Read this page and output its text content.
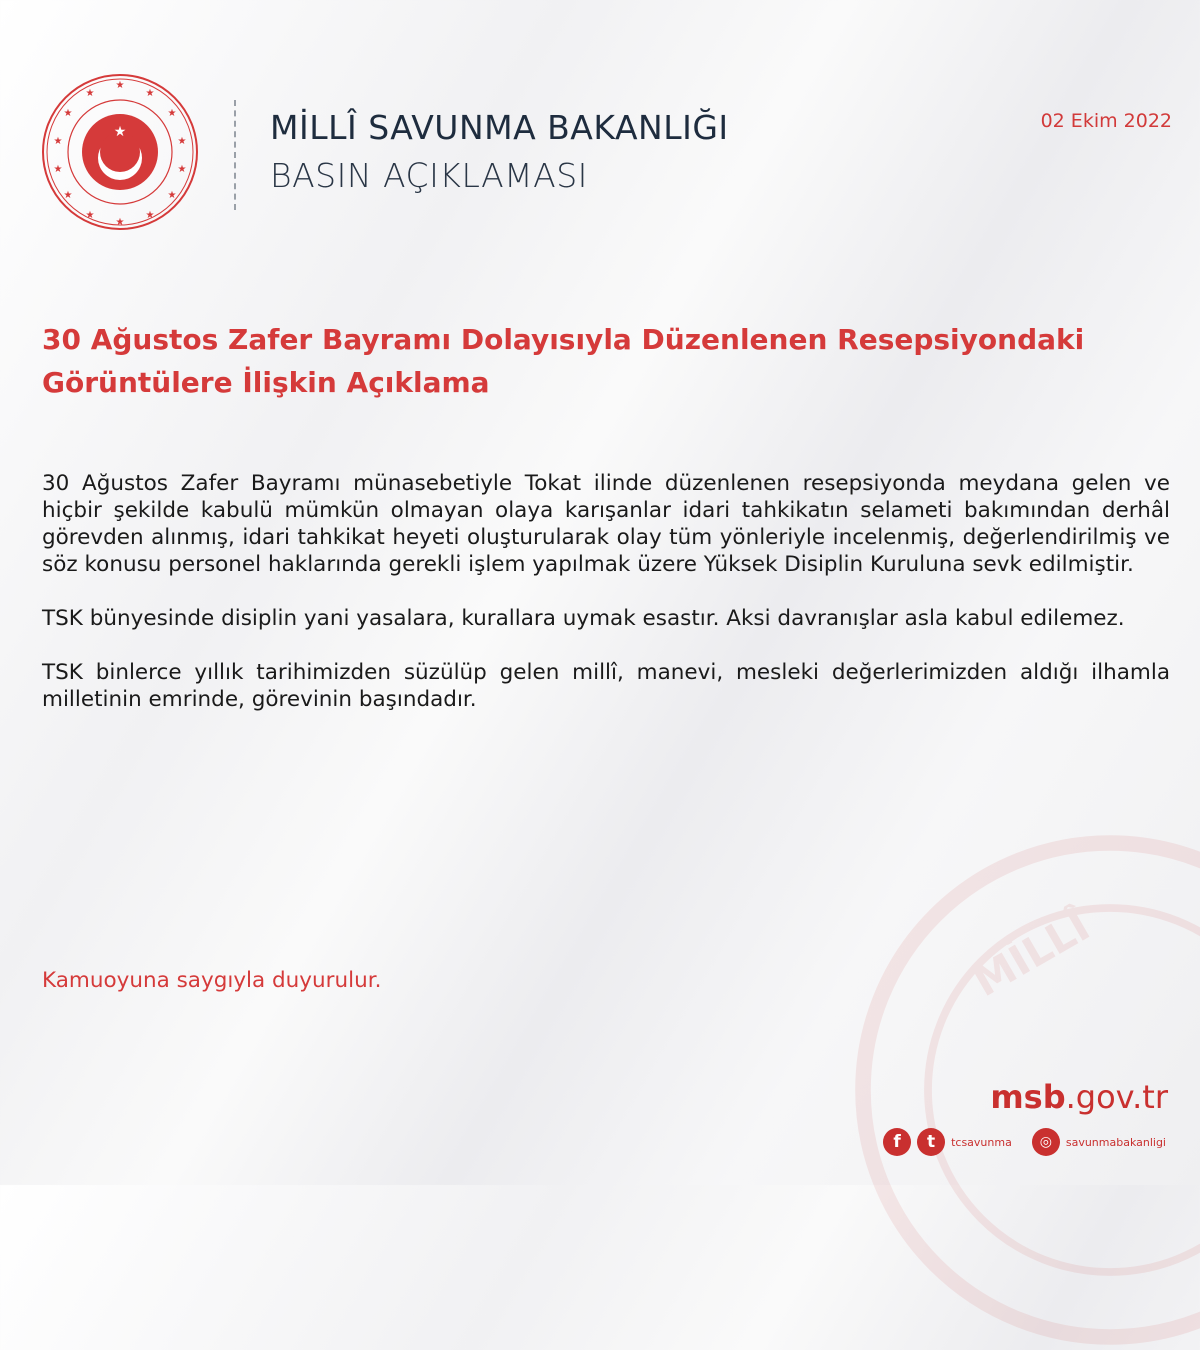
MİLLÎ
★
★	★
★	★
★	★
★	★
★	★
★	★
★
★	MİLLÎ SAVUNMA BAKANLIĞI
BASIN AÇIKLAMASI
02 Ekim 2022
30 Ağustos Zafer Bayramı Dolayısıyla Düzenlenen Resepsiyondaki
Görüntülere İlişkin Açıklama

30 Ağustos Zafer Bayramı münasebetiyle Tokat ilinde düzenlenen resepsiyonda meydana gelen ve hiçbir şekilde kabulü mümkün olmayan olaya karışanlar idari tahkikatın selameti bakımından derhâl görevden alınmış, idari tahkikat heyeti oluşturularak olay tüm yönleriyle incelenmiş, değerlendirilmiş ve söz konusu personel haklarında gerekli işlem yapılmak üzere Yüksek Disiplin Kuruluna sevk edilmiştir.

TSK bünyesinde disiplin yani yasalara, kurallara uymak esastır. Aksi davranışlar asla kabul edilemez.

TSK binlerce yıllık tarihimizden süzülüp gelen millî, manevi, mesleki değerlerimizden aldığı ilhamla milletinin emrinde, görevinin başındadır.

Kamuoyuna saygıyla duyurulur.
msb.gov.tr
f	t	tcsavunma	◎	savunmabakanligi
